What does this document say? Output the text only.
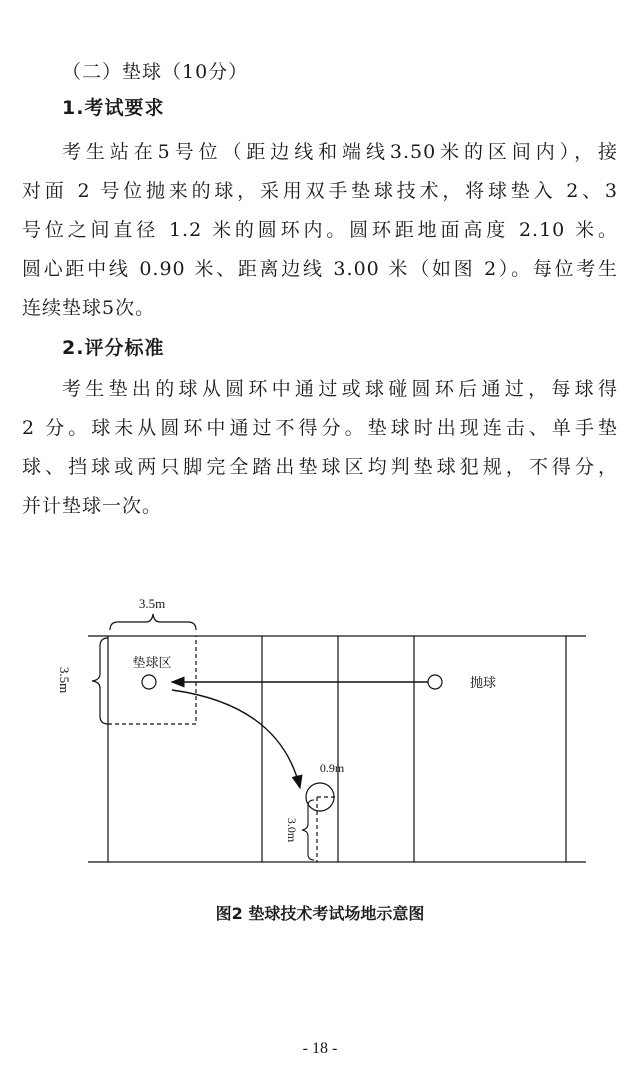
（二）垫球（10分）
1.考试要求
考生站在5号位（距边线和端线3.50米的区间内），接
对面 2 号位抛来的球，采用双手垫球技术，将球垫入 2、3
号位之间直径 1.2 米的圆环内。圆环距地面高度 2.10 米。
圆心距中线 0.90 米、距离边线 3.00 米（如图 2）。每位考生
连续垫球5次。
2.评分标准
考生垫出的球从圆环中通过或球碰圆环后通过，每球得
2 分。球未从圆环中通过不得分。垫球时出现连击、单手垫
球、挡球或两只脚完全踏出垫球区均判垫球犯规，不得分，
并计垫球一次。
3.5m
3.5m
垫球区
抛球
0.9m
3.0m
图2 垫球技术考试场地示意图
- 18 -
